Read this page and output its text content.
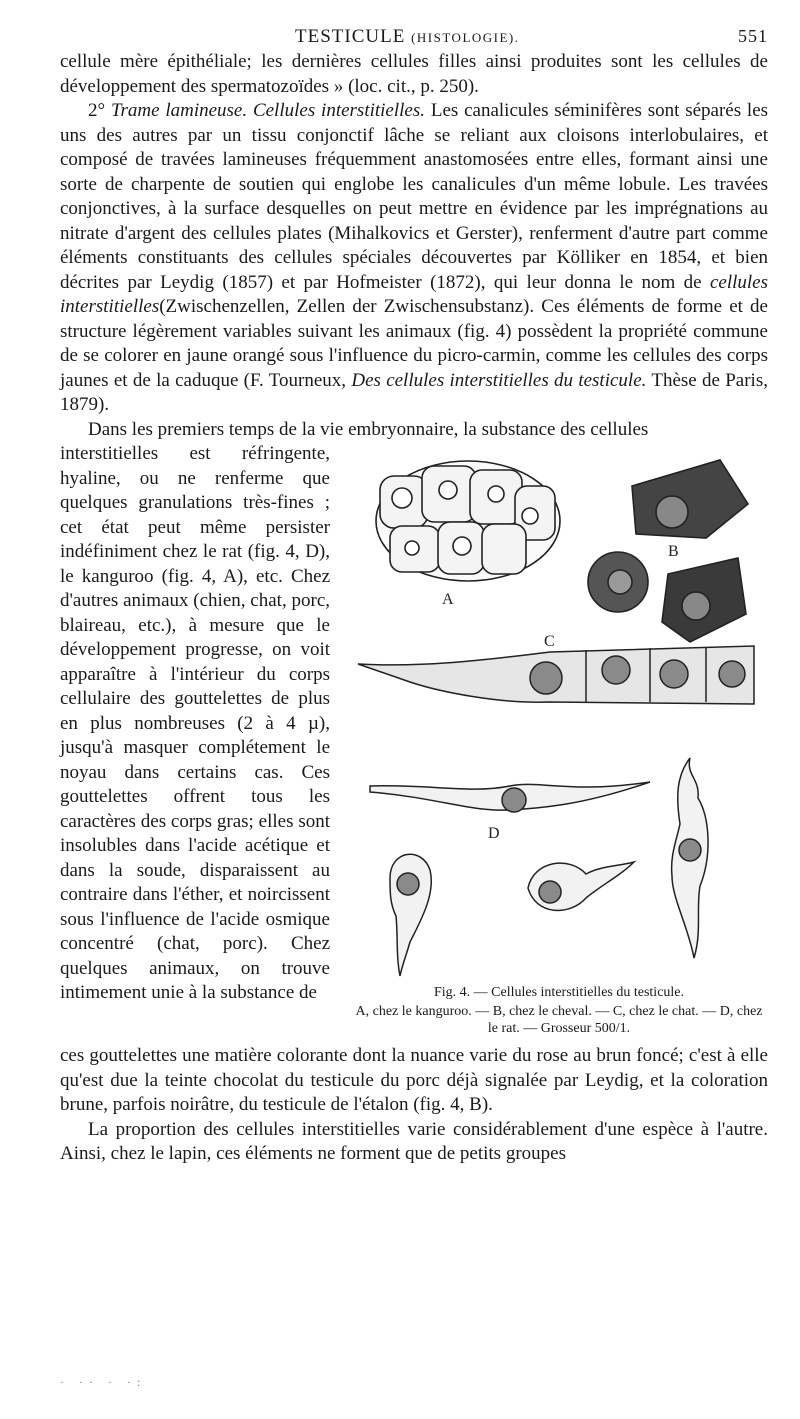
TESTICULE (HISTOLOGIE).	551

cellule mère épithéliale; les dernières cellules filles ainsi produites sont les cellules de développement des spermatozoïdes » (loc. cit., p. 250).

2° Trame lamineuse. Cellules interstitielles. Les canalicules séminifères sont séparés les uns des autres par un tissu conjonctif lâche se reliant aux cloisons interlobulaires, et composé de travées lamineuses fréquemment anastomosées entre elles, formant ainsi une sorte de charpente de soutien qui englobe les canalicules d'un même lobule. Les travées conjonctives, à la surface desquelles on peut mettre en évidence par les imprégnations au nitrate d'argent des cellules plates (Mihalkovics et Gerster), renferment d'autre part comme éléments constituants des cellules spéciales découvertes par Kölliker en 1854, et bien décrites par Leydig (1857) et par Hofmeister (1872), qui leur donna le nom de cellules interstitielles(Zwischenzellen, Zellen der Zwischensubstanz). Ces éléments de forme et de structure légèrement variables suivant les animaux (fig. 4) possèdent la propriété commune de se colorer en jaune orangé sous l'influence du picro-carmin, comme les cellules des corps jaunes et de la caduque (F. Tourneux, Des cellules interstitielles du testicule. Thèse de Paris, 1879).

Dans les premiers temps de la vie embryonnaire, la substance des cellules

interstitielles est réfringente, hyaline, ou ne renferme que quelques granulations très-fines ; cet état peut même persister indéfiniment chez le rat (fig. 4, D), le kanguroo (fig. 4, A), etc. Chez d'autres animaux (chien, chat, porc, blaireau, etc.), à mesure que le développement progresse, on voit apparaître à l'intérieur du corps cellulaire des gouttelettes de plus en plus nombreuses (2 à 4 µ), jusqu'à masquer complétement le noyau dans certains cas. Ces gouttelettes offrent tous les caractères des corps gras; elles sont insolubles dans l'acide acétique et dans la soude, disparaissent au contraire dans l'éther, et noircissent sous l'influence de l'acide osmique concentré (chat, porc). Chez quelques animaux, on trouve intimement unie à la substance de

A
B
C
D
Fig. 4. — Cellules interstitielles du testicule.
A, chez le kanguroo. — B, chez le cheval. — C, chez le chat. — D, chez le rat. — Grosseur 500/1.

ces gouttelettes une matière colorante dont la nuance varie du rose au brun foncé; c'est à elle qu'est due la teinte chocolat du testicule du porc déjà signalée par Leydig, et la coloration brune, parfois noirâtre, du testicule de l'étalon (fig. 4, B).

La proportion des cellules interstitielles varie considérablement d'une espèce à l'autre. Ainsi, chez le lapin, ces éléments ne forment que de petits groupes

· ·· · ·:
